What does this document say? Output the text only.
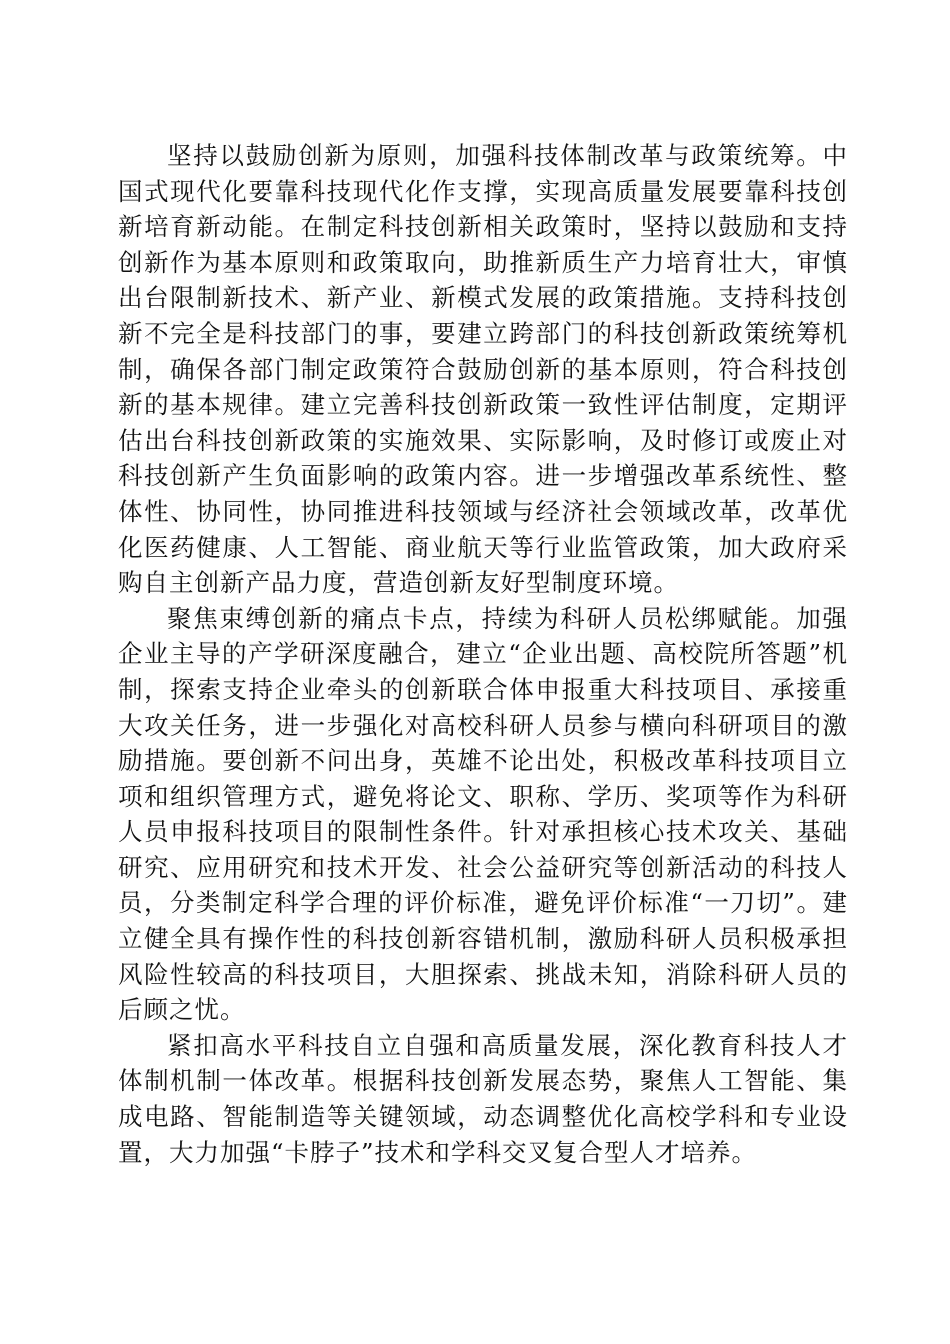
坚持以鼓励创新为原则，加强科技体制改革与政策统筹。中国式现代化要靠科技现代化作支撑，实现高质量发展要靠科技创新培育新动能。在制定科技创新相关政策时，坚持以鼓励和支持创新作为基本原则和政策取向，助推新质生产力培育壮大，审慎出台限制新技术、新产业、新模式发展的政策措施。支持科技创新不完全是科技部门的事，要建立跨部门的科技创新政策统筹机制，确保各部门制定政策符合鼓励创新的基本原则，符合科技创新的基本规律。建立完善科技创新政策一致性评估制度，定期评估出台科技创新政策的实施效果、实际影响，及时修订或废止对科技创新产生负面影响的政策内容。进一步增强改革系统性、整体性、协同性，协同推进科技领域与经济社会领域改革，改革优化医药健康、人工智能、商业航天等行业监管政策，加大政府采购自主创新产品力度，营造创新友好型制度环境。

聚焦束缚创新的痛点卡点，持续为科研人员松绑赋能。加强企业主导的产学研深度融合，建立“企业出题、高校院所答题”机制，探索支持企业牵头的创新联合体申报重大科技项目、承接重大攻关任务，进一步强化对高校科研人员参与横向科研项目的激励措施。要创新不问出身，英雄不论出处，积极改革科技项目立项和组织管理方式，避免将论文、职称、学历、奖项等作为科研人员申报科技项目的限制性条件。针对承担核心技术攻关、基础研究、应用研究和技术开发、社会公益研究等创新活动的科技人员，分类制定科学合理的评价标准，避免评价标准“一刀切”。建立健全具有操作性的科技创新容错机制，激励科研人员积极承担风险性较高的科技项目，大胆探索、挑战未知，消除科研人员的后顾之忧。

紧扣高水平科技自立自强和高质量发展，深化教育科技人才体制机制一体改革。根据科技创新发展态势，聚焦人工智能、集成电路、智能制造等关键领域，动态调整优化高校学科和专业设置，大力加强“卡脖子”技术和学科交叉复合型人才培养。
